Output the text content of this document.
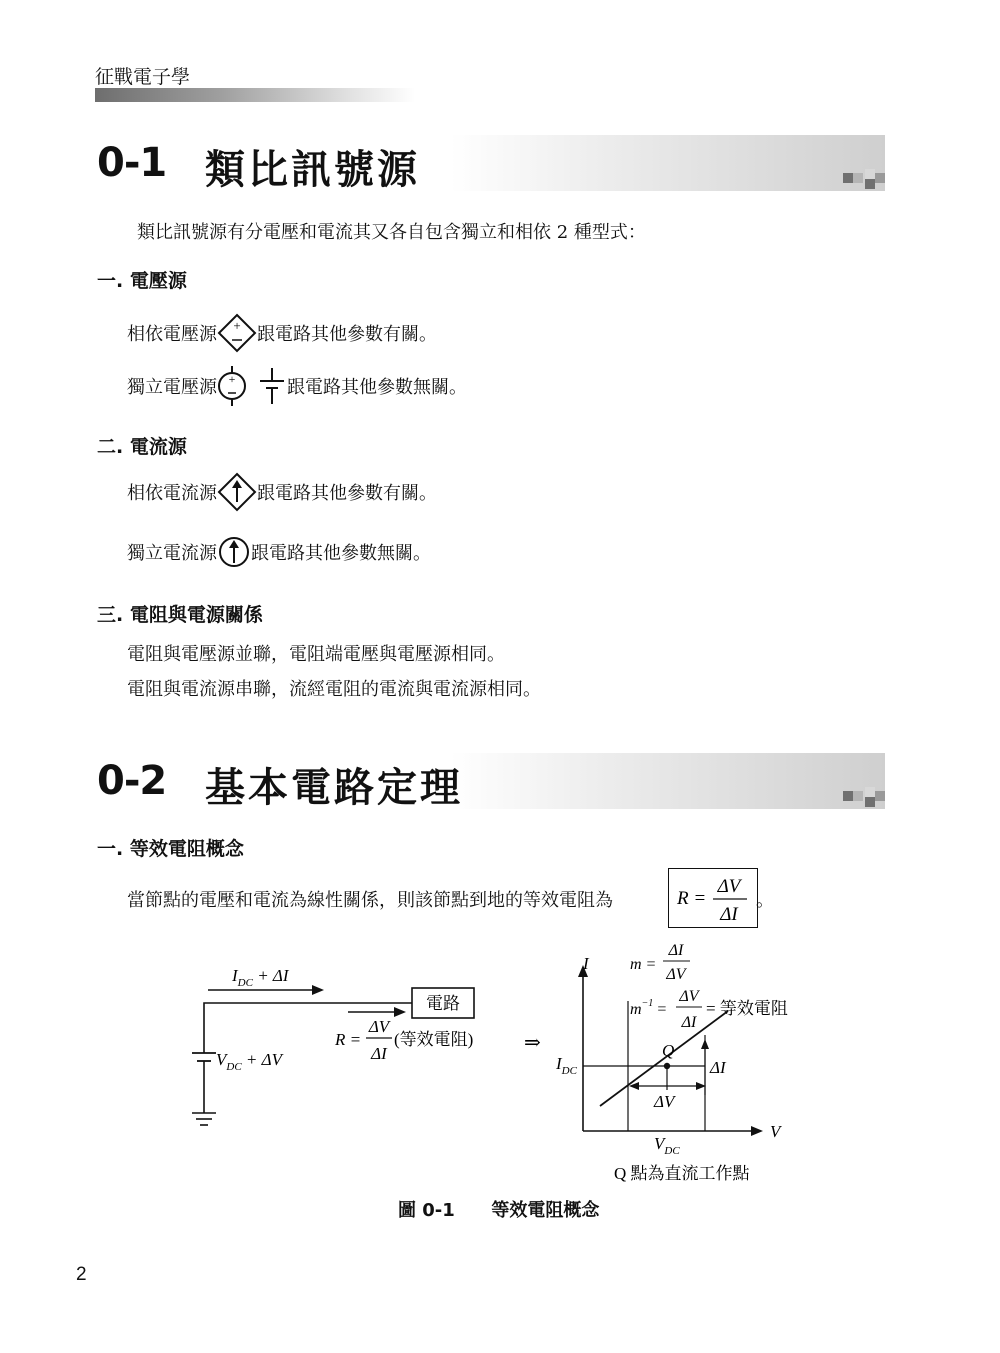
征戰電子學
0-1 類比訊號源
類比訊號源有分電壓和電流其又各自包含獨立和相依 2 種型式：
一. 電壓源
相依電壓源 + 跟電路其他參數有關。
獨立電壓源 +	跟電路其他參數無關。
二. 電流源
相依電流源 跟電路其他參數有關。
獨立電流源 跟電路其他參數無關。
三. 電阻與電源關係
電阻與電壓源並聯，電阻端電壓與電壓源相同。
電阻與電流源串聯，流經電阻的電流與電流源相同。
0-2 基本電路定理
一. 等效電阻概念
當節點的電壓和電流為線性關係，則該節點到地的等效電阻為	R =
ΔV
ΔI
。
$I_{DC} + \Delta I$
$V_{DC} + \Delta V$
電路
R =
ΔV
ΔI
(等效電阻)	⇒
I
V
Q
ΔI
ΔV
$I_{DC}$
$V_{DC}$
m =
ΔI
ΔV
$m^{-1}$ =
ΔV
ΔI
= 等效電阻
Q 點為直流工作點
圖 0-1 等效電阻概念
2
